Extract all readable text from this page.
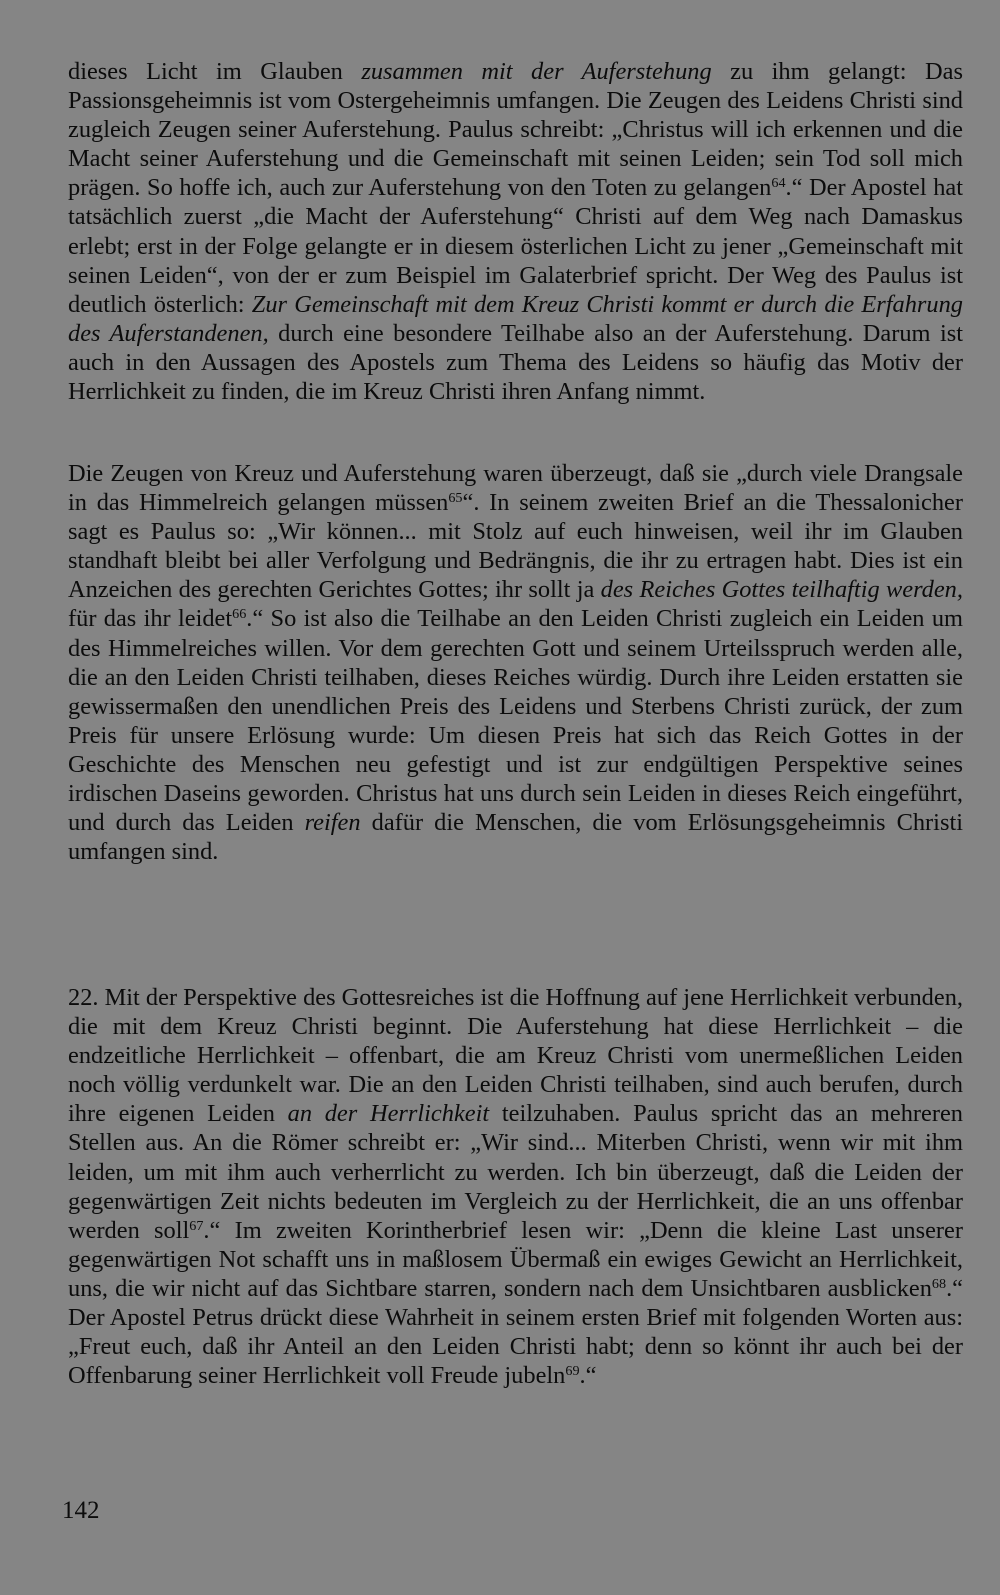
dieses Licht im Glauben zusammen mit der Auferstehung zu ihm gelangt: Das Passionsgeheimnis ist vom Ostergeheimnis umfangen. Die Zeugen des Leidens Christi sind zugleich Zeugen seiner Auferstehung. Paulus schreibt: „Christus will ich erkennen und die Macht seiner Auferstehung und die Gemeinschaft mit seinen Leiden; sein Tod soll mich prägen. So hoffe ich, auch zur Auferstehung von den Toten zu gelangen$^{64}$.“ Der Apostel hat tatsächlich zuerst „die Macht der Auferstehung“ Christi auf dem Weg nach Damaskus erlebt; erst in der Folge gelangte er in diesem österlichen Licht zu jener „Gemeinschaft mit seinen Leiden“, von der er zum Beispiel im Galaterbrief spricht. Der Weg des Paulus ist deutlich österlich: Zur Gemeinschaft mit dem Kreuz Christi kommt er durch die Erfahrung des Auferstandenen, durch eine besondere Teilhabe also an der Auferstehung. Darum ist auch in den Aussagen des Apostels zum Thema des Leidens so häufig das Motiv der Herrlichkeit zu finden, die im Kreuz Christi ihren Anfang nimmt.

Die Zeugen von Kreuz und Auferstehung waren überzeugt, daß sie „durch viele Drangsale in das Himmelreich gelangen müssen$^{65}$“. In seinem zweiten Brief an die Thessalonicher sagt es Paulus so: „Wir können... mit Stolz auf euch hinweisen, weil ihr im Glauben standhaft bleibt bei aller Verfolgung und Bedrängnis, die ihr zu ertragen habt. Dies ist ein Anzeichen des gerechten Gerichtes Gottes; ihr sollt ja des Reiches Gottes teilhaftig werden, für das ihr leidet$^{66}$.“ So ist also die Teilhabe an den Leiden Christi zugleich ein Leiden um des Himmelreiches willen. Vor dem gerechten Gott und seinem Urteilsspruch werden alle, die an den Leiden Christi teilhaben, dieses Reiches würdig. Durch ihre Leiden erstatten sie gewissermaßen den unendlichen Preis des Leidens und Sterbens Christi zurück, der zum Preis für unsere Erlösung wurde: Um diesen Preis hat sich das Reich Gottes in der Geschichte des Menschen neu gefestigt und ist zur endgültigen Perspektive seines irdischen Daseins geworden. Christus hat uns durch sein Leiden in dieses Reich eingeführt, und durch das Leiden reifen dafür die Menschen, die vom Erlösungsgeheimnis Christi umfangen sind.

22. Mit der Perspektive des Gottesreiches ist die Hoffnung auf jene Herrlichkeit verbunden, die mit dem Kreuz Christi beginnt. Die Auferstehung hat diese Herrlichkeit – die endzeitliche Herrlichkeit – offenbart, die am Kreuz Christi vom unermeßlichen Leiden noch völlig verdunkelt war. Die an den Leiden Christi teilhaben, sind auch berufen, durch ihre eigenen Leiden an der Herrlichkeit teilzuhaben. Paulus spricht das an mehreren Stellen aus. An die Römer schreibt er: „Wir sind... Miterben Christi, wenn wir mit ihm leiden, um mit ihm auch verherrlicht zu werden. Ich bin überzeugt, daß die Leiden der gegenwärtigen Zeit nichts bedeuten im Vergleich zu der Herrlichkeit, die an uns offenbar werden soll$^{67}$.“ Im zweiten Korintherbrief lesen wir: „Denn die kleine Last unserer gegenwärtigen Not schafft uns in maßlosem Übermaß ein ewiges Gewicht an Herrlichkeit, uns, die wir nicht auf das Sichtbare starren, sondern nach dem Unsichtbaren ausblicken$^{68}$.“ Der Apostel Petrus drückt diese Wahrheit in seinem ersten Brief mit folgenden Worten aus: „Freut euch, daß ihr Anteil an den Leiden Christi habt; denn so könnt ihr auch bei der Offenbarung seiner Herrlichkeit voll Freude jubeln$^{69}$.“

142
